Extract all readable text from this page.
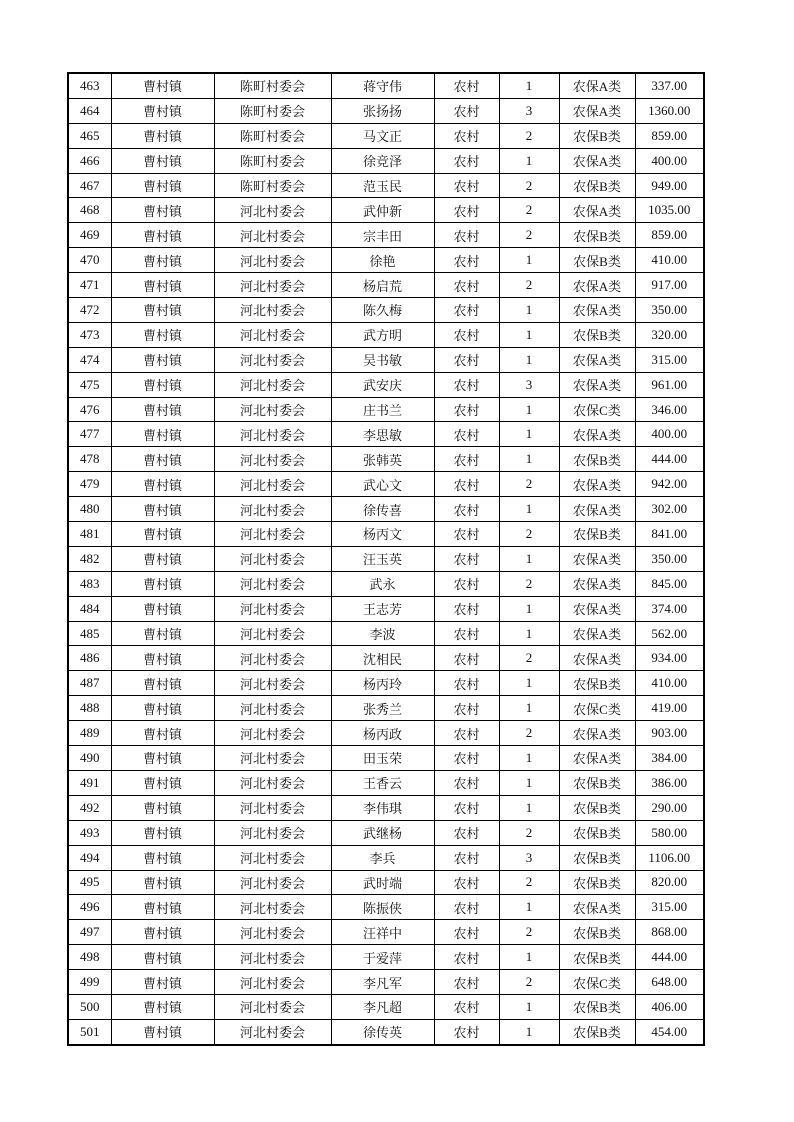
463	曹村镇	陈町村委会	蒋守伟	农村	1	农保A类	337.00
464	曹村镇	陈町村委会	张扬扬	农村	3	农保A类	1360.00
465	曹村镇	陈町村委会	马文正	农村	2	农保B类	859.00
466	曹村镇	陈町村委会	徐竞泽	农村	1	农保A类	400.00
467	曹村镇	陈町村委会	范玉民	农村	2	农保B类	949.00
468	曹村镇	河北村委会	武仲新	农村	2	农保A类	1035.00
469	曹村镇	河北村委会	宗丰田	农村	2	农保B类	859.00
470	曹村镇	河北村委会	徐艳	农村	1	农保B类	410.00
471	曹村镇	河北村委会	杨启荒	农村	2	农保A类	917.00
472	曹村镇	河北村委会	陈久梅	农村	1	农保A类	350.00
473	曹村镇	河北村委会	武方明	农村	1	农保B类	320.00
474	曹村镇	河北村委会	吴书敏	农村	1	农保A类	315.00
475	曹村镇	河北村委会	武安庆	农村	3	农保A类	961.00
476	曹村镇	河北村委会	庄书兰	农村	1	农保C类	346.00
477	曹村镇	河北村委会	李思敏	农村	1	农保A类	400.00
478	曹村镇	河北村委会	张韩英	农村	1	农保B类	444.00
479	曹村镇	河北村委会	武心文	农村	2	农保A类	942.00
480	曹村镇	河北村委会	徐传喜	农村	1	农保A类	302.00
481	曹村镇	河北村委会	杨丙文	农村	2	农保B类	841.00
482	曹村镇	河北村委会	汪玉英	农村	1	农保A类	350.00
483	曹村镇	河北村委会	武永	农村	2	农保A类	845.00
484	曹村镇	河北村委会	王志芳	农村	1	农保A类	374.00
485	曹村镇	河北村委会	李波	农村	1	农保A类	562.00
486	曹村镇	河北村委会	沈相民	农村	2	农保A类	934.00
487	曹村镇	河北村委会	杨丙玲	农村	1	农保B类	410.00
488	曹村镇	河北村委会	张秀兰	农村	1	农保C类	419.00
489	曹村镇	河北村委会	杨丙政	农村	2	农保A类	903.00
490	曹村镇	河北村委会	田玉荣	农村	1	农保A类	384.00
491	曹村镇	河北村委会	王香云	农村	1	农保B类	386.00
492	曹村镇	河北村委会	李伟琪	农村	1	农保B类	290.00
493	曹村镇	河北村委会	武继杨	农村	2	农保B类	580.00
494	曹村镇	河北村委会	李兵	农村	3	农保B类	1106.00
495	曹村镇	河北村委会	武时端	农村	2	农保B类	820.00
496	曹村镇	河北村委会	陈振侠	农村	1	农保A类	315.00
497	曹村镇	河北村委会	汪祥中	农村	2	农保B类	868.00
498	曹村镇	河北村委会	于爱萍	农村	1	农保B类	444.00
499	曹村镇	河北村委会	李凡军	农村	2	农保C类	648.00
500	曹村镇	河北村委会	李凡超	农村	1	农保B类	406.00
501	曹村镇	河北村委会	徐传英	农村	1	农保B类	454.00
